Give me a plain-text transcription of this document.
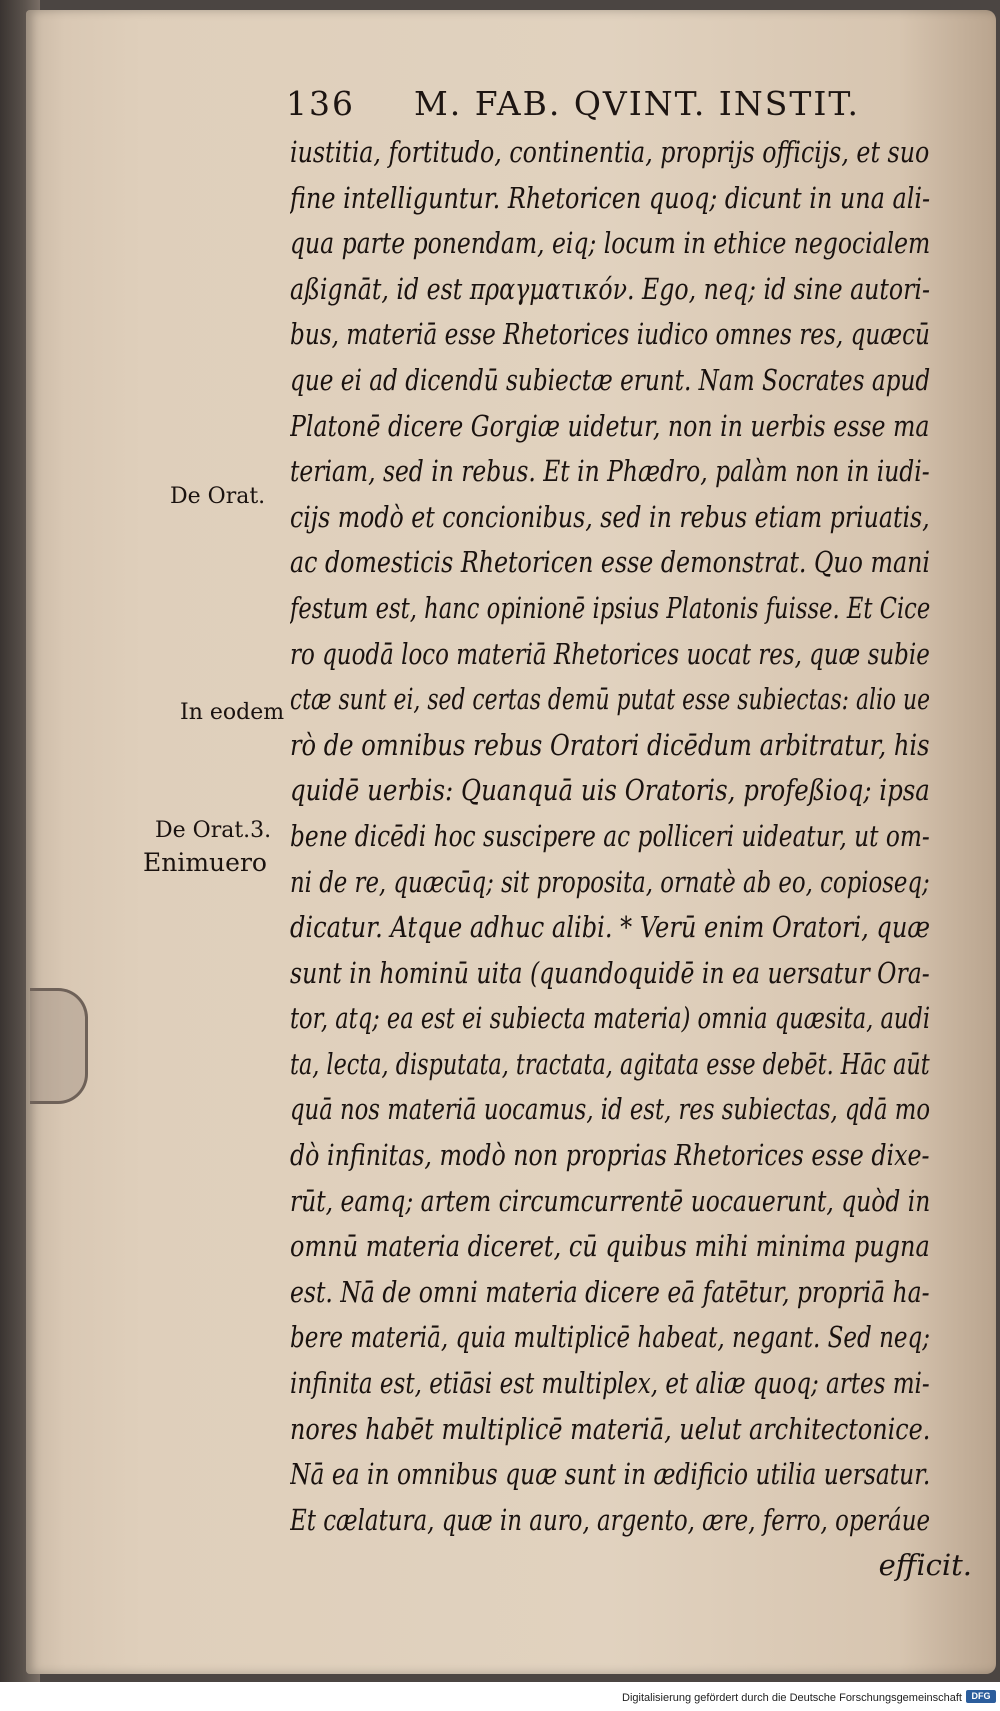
136 M. FAB. QVINT. INSTIT.
De Orat.
In eodem
De Orat.3.
Enimuero
iustitia, fortitudo, continentia, proprijs officijs, et suo
fine intelliguntur. Rhetoricen quoq; dicunt in una ali-
qua parte ponendam, eiq; locum in ethice negocialem
aßignāt, id est πραγματικόν. Ego, neq; id sine autori-
bus, materiā esse Rhetorices iudico omnes res, quæcū
que ei ad dicendū subiectæ erunt. Nam Socrates apud
Platonē dicere Gorgiæ uidetur, non in uerbis esse ma
teriam, sed in rebus. Et in Phædro, palàm non in iudi-
cijs modò et concionibus, sed in rebus etiam priuatis,
ac domesticis Rhetoricen esse demonstrat. Quo mani
festum est, hanc opinionē ipsius Platonis fuisse. Et Cice
ro quodā loco materiā Rhetorices uocat res, quæ subie
ctæ sunt ei, sed certas demū putat esse subiectas: alio ue
rò de omnibus rebus Oratori dicēdum arbitratur, his
quidē uerbis: Quanquā uis Oratoris, profeßioq; ipsa
bene dicēdi hoc suscipere ac polliceri uideatur, ut om-
ni de re, quæcūq; sit proposita, ornatè ab eo, copioseq;
dicatur. Atque adhuc alibi. * Verū enim Oratori, quæ
sunt in hominū uita (quandoquidē in ea uersatur Ora-
tor, atq; ea est ei subiecta materia) omnia quæsita, audi
ta, lecta, disputata, tractata, agitata esse debēt. Hāc aūt
quā nos materiā uocamus, id est, res subiectas, qdā mo
dò infinitas, modò non proprias Rhetorices esse dixe-
rūt, eamq; artem circumcurrentē uocauerunt, quòd in
omnū materia diceret, cū quibus mihi minima pugna
est. Nā de omni materia dicere eā fatētur, propriā ha-
bere materiā, quia multiplicē habeat, negant. Sed neq;
infinita est, etiāsi est multiplex, et aliæ quoq; artes mi-
nores habēt multiplicē materiā, uelut architectonice.
Nā ea in omnibus quæ sunt in ædificio utilia uersatur.
Et cælatura, quæ in auro, argento, ære, ferro, operáue
efficit.
Digitalisierung gefördert durch die Deutsche Forschungsgemeinschaft	DFG
